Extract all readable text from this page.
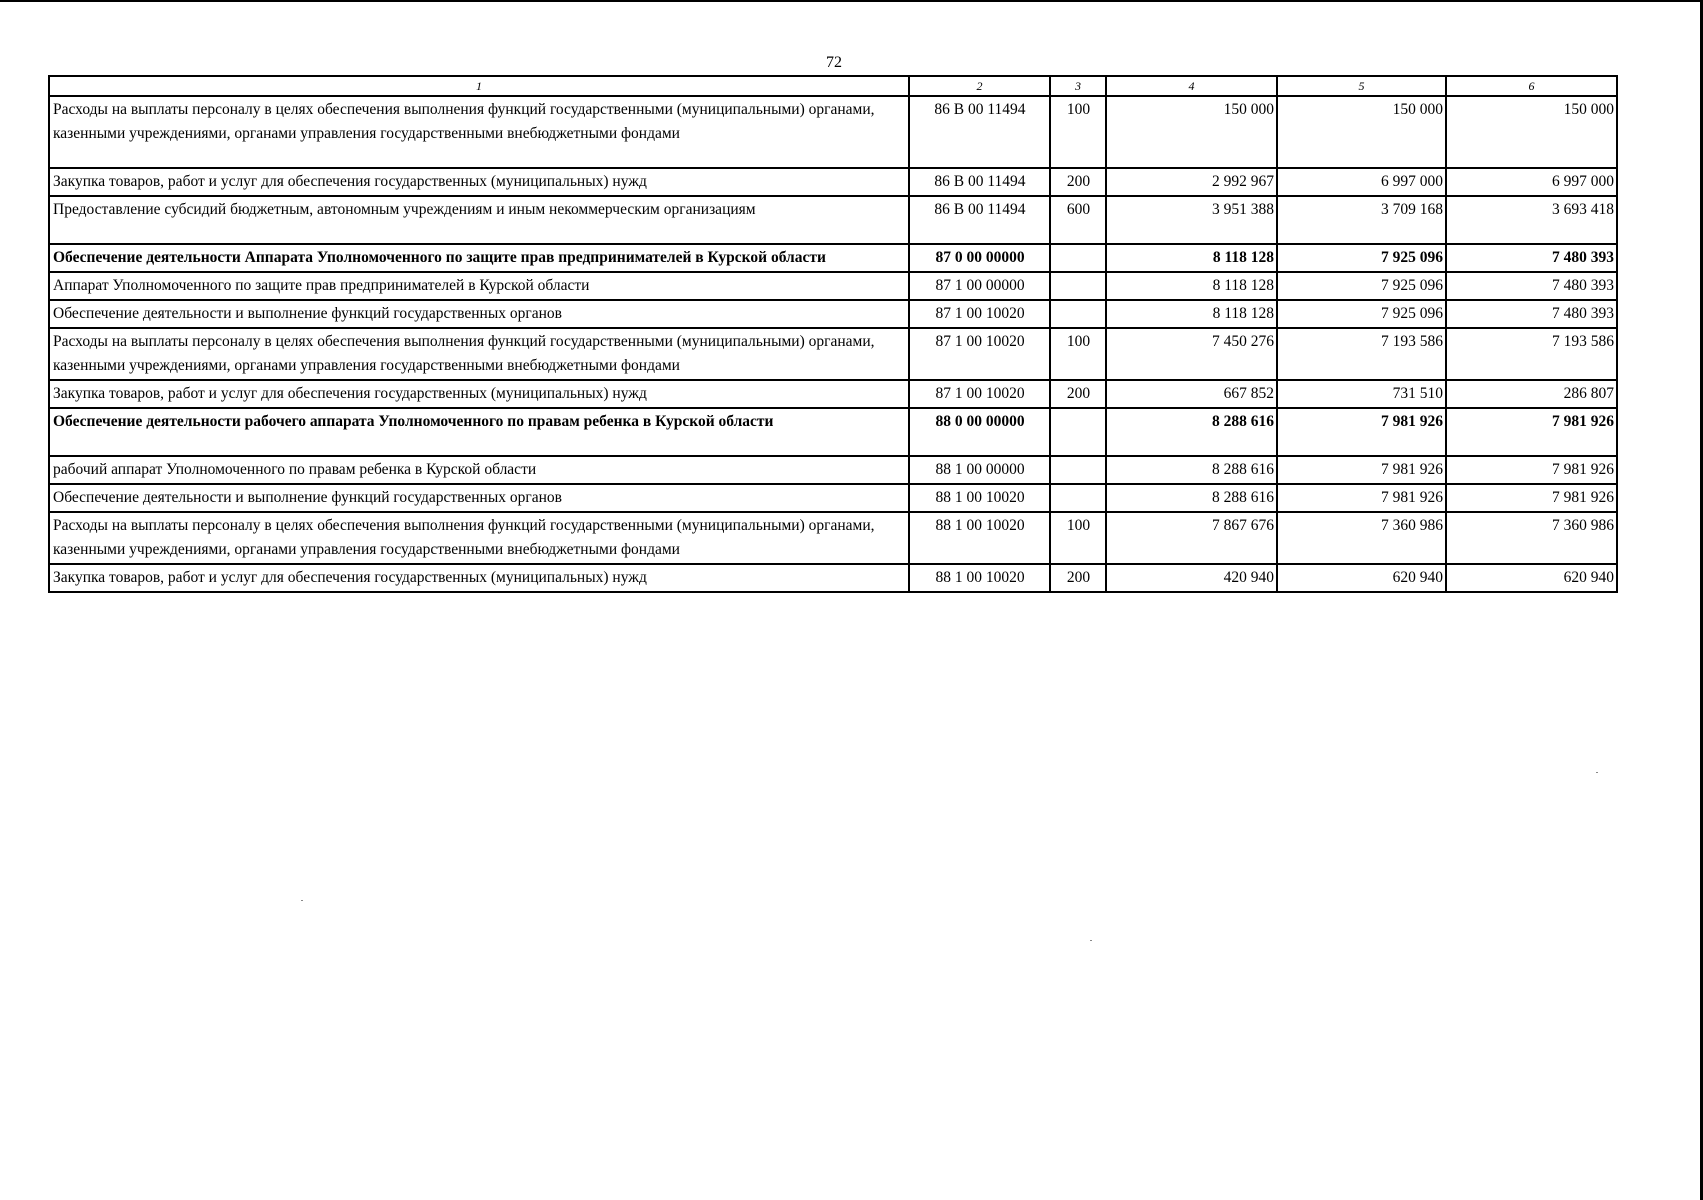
72
1	2	3	4	5	6
Расходы на выплаты персоналу в целях обеспечения выполнения функций государственными (муниципальными) органами, казенными учреждениями, органами управления государственными внебюджетными фондами	86 В 00 11494	100	150 000	150 000	150 000
Закупка товаров, работ и услуг для обеспечения государственных (муниципальных) нужд	86 В 00 11494	200	2 992 967	6 997 000	6 997 000
Предоставление субсидий бюджетным, автономным учреждениям и иным некоммерческим организациям	86 В 00 11494	600	3 951 388	3 709 168	3 693 418
Обеспечение деятельности Аппарата Уполномоченного по защите прав предпринимателей в Курской области	87 0 00 00000		8 118 128	7 925 096	7 480 393
Аппарат Уполномоченного по защите прав предпринимателей в Курской области	87 1 00 00000		8 118 128	7 925 096	7 480 393
Обеспечение деятельности и выполнение функций государственных органов	87 1 00 10020		8 118 128	7 925 096	7 480 393
Расходы на выплаты персоналу в целях обеспечения выполнения функций государственными (муниципальными) органами, казенными учреждениями, органами управления государственными внебюджетными фондами	87 1 00 10020	100	7 450 276	7 193 586	7 193 586
Закупка товаров, работ и услуг для обеспечения государственных (муниципальных) нужд	87 1 00 10020	200	667 852	731 510	286 807
Обеспечение деятельности рабочего аппарата Уполномоченного по правам ребенка в Курской области	88 0 00 00000		8 288 616	7 981 926	7 981 926
рабочий аппарат Уполномоченного по правам ребенка в Курской области	88 1 00 00000		8 288 616	7 981 926	7 981 926
Обеспечение деятельности и выполнение функций государственных органов	88 1 00 10020		8 288 616	7 981 926	7 981 926
Расходы на выплаты персоналу в целях обеспечения выполнения функций государственными (муниципальными) органами, казенными учреждениями, органами управления государственными внебюджетными фондами	88 1 00 10020	100	7 867 676	7 360 986	7 360 986
Закупка товаров, работ и услуг для обеспечения государственных (муниципальных) нужд	88 1 00 10020	200	420 940	620 940	620 940
